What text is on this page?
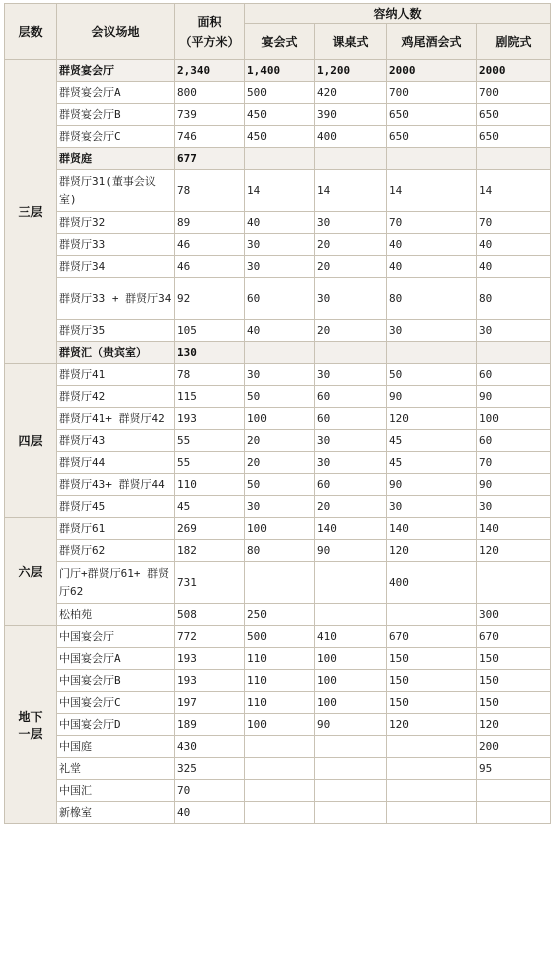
层数	会议场地	面积
（平方米）	容纳人数			
			宴会式	课桌式	鸡尾酒会式	剧院式
三层	群贤宴会厅	2,340	1,400	1,200	2000	2000
	群贤宴会厅A	800	500	420	700	700
	群贤宴会厅B	739	450	390	650	650
	群贤宴会厅C	746	450	400	650	650
	群贤庭	677				
	群贤厅31(董事会议室)	78	14	14	14	14
	群贤厅32	89	40	30	70	70
	群贤厅33	46	30	20	40	40
	群贤厅34	46	30	20	40	40
	群贤厅33 + 群贤厅34	92	60	30	80	80
	群贤厅35	105	40	20	30	30
	群贤汇（贵宾室）	130				
四层	群贤厅41	78	30	30	50	60
	群贤厅42	115	50	60	90	90
	群贤厅41+ 群贤厅42	193	100	60	120	100
	群贤厅43	55	20	30	45	60
	群贤厅44	55	20	30	45	70
	群贤厅43+ 群贤厅44	110	50	60	90	90
	群贤厅45	45	30	20	30	30
六层	群贤厅61	269	100	140	140	140
	群贤厅62	182	80	90	120	120
	门厅+群贤厅61+ 群贤厅62	731			400	
	松柏苑	508	250			300
地下一层	中国宴会厅	772	500	410	670	670
	中国宴会厅A	193	110	100	150	150
	中国宴会厅B	193	110	100	150	150
	中国宴会厅C	197	110	100	150	150
	中国宴会厅D	189	100	90	120	120
	中国庭	430				200
	礼堂	325				95
	中国汇	70				
	新橡室	40				
